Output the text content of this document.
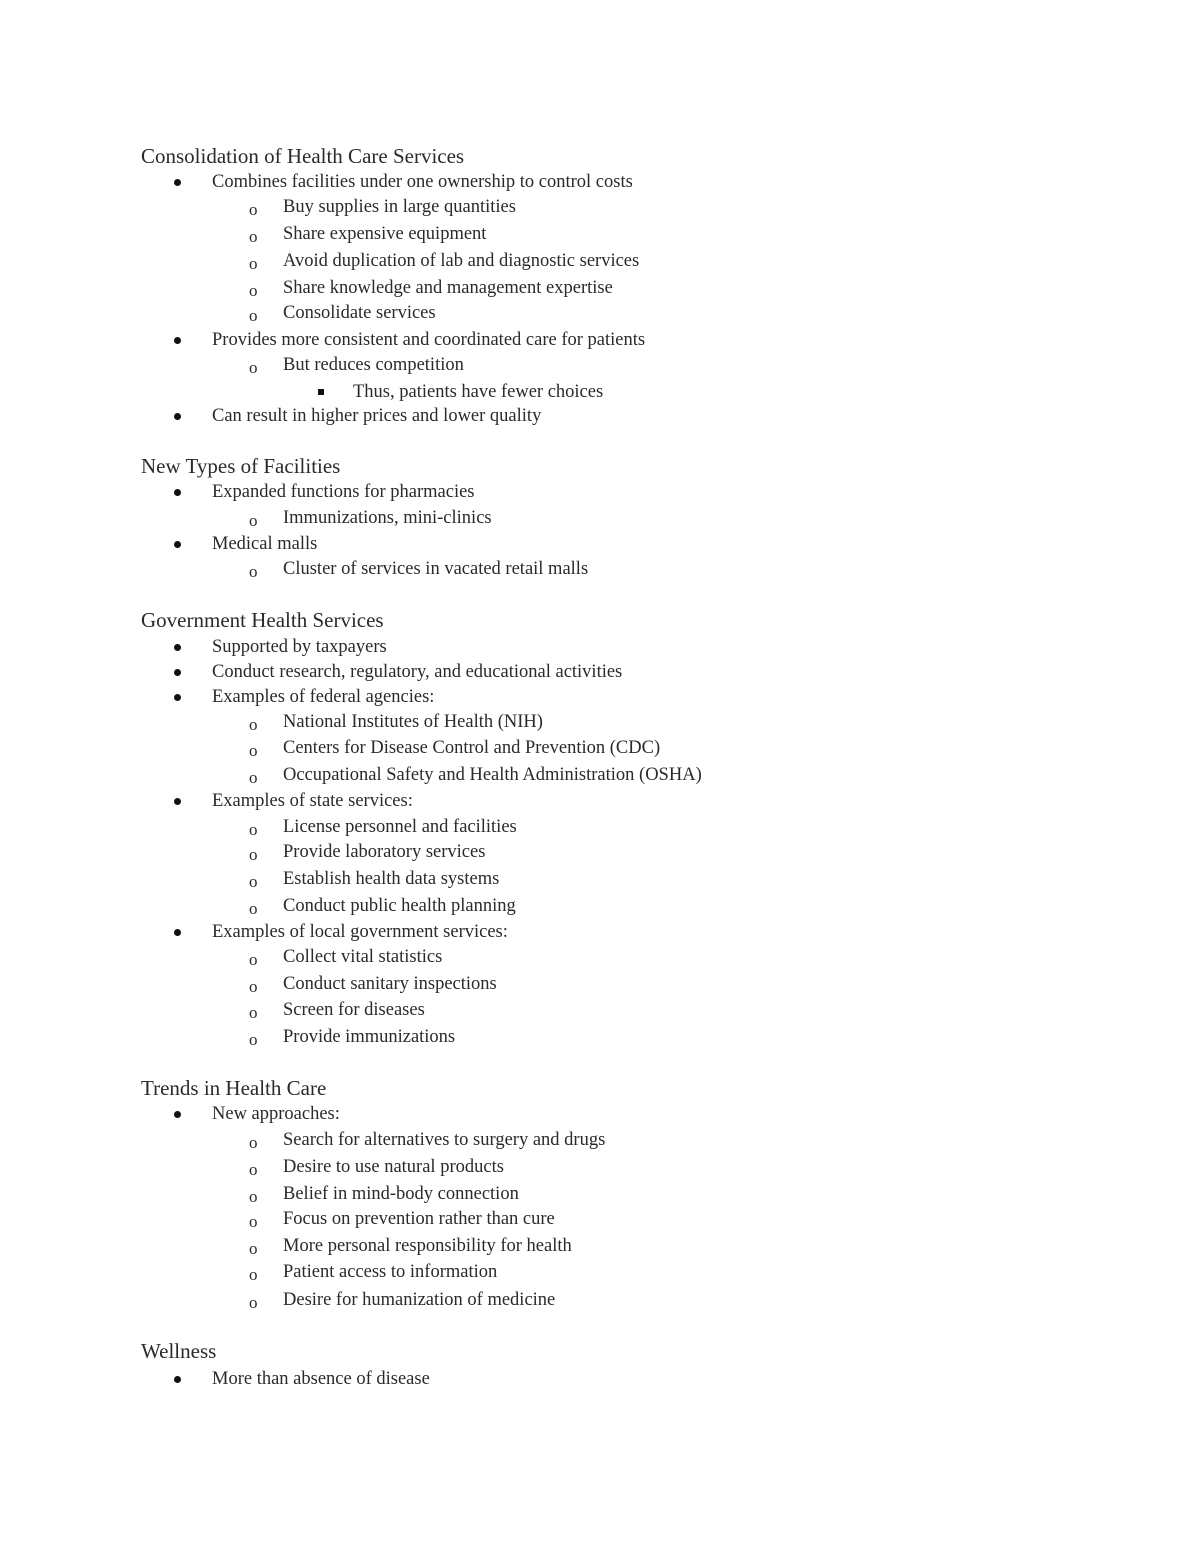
Consolidation of Health Care Services
Combines facilities under one ownership to control costs
o Buy supplies in large quantities
o Share expensive equipment
o Avoid duplication of lab and diagnostic services
o Share knowledge and management expertise
o Consolidate services
Provides more consistent and coordinated care for patients
o But reduces competition
Thus, patients have fewer choices
Can result in higher prices and lower quality
New Types of Facilities
Expanded functions for pharmacies
o Immunizations, mini-clinics
Medical malls
o Cluster of services in vacated retail malls
Government Health Services
Supported by taxpayers
Conduct research, regulatory, and educational activities
Examples of federal agencies:
o National Institutes of Health (NIH)
o Centers for Disease Control and Prevention (CDC)
o Occupational Safety and Health Administration (OSHA)
Examples of state services:
o License personnel and facilities
o Provide laboratory services
o Establish health data systems
o Conduct public health planning
Examples of local government services:
o Collect vital statistics
o Conduct sanitary inspections
o Screen for diseases
o Provide immunizations
Trends in Health Care
New approaches:
o Search for alternatives to surgery and drugs
o Desire to use natural products
o Belief in mind-body connection
o Focus on prevention rather than cure
o More personal responsibility for health
o Patient access to information
o Desire for humanization of medicine
Wellness
More than absence of disease
